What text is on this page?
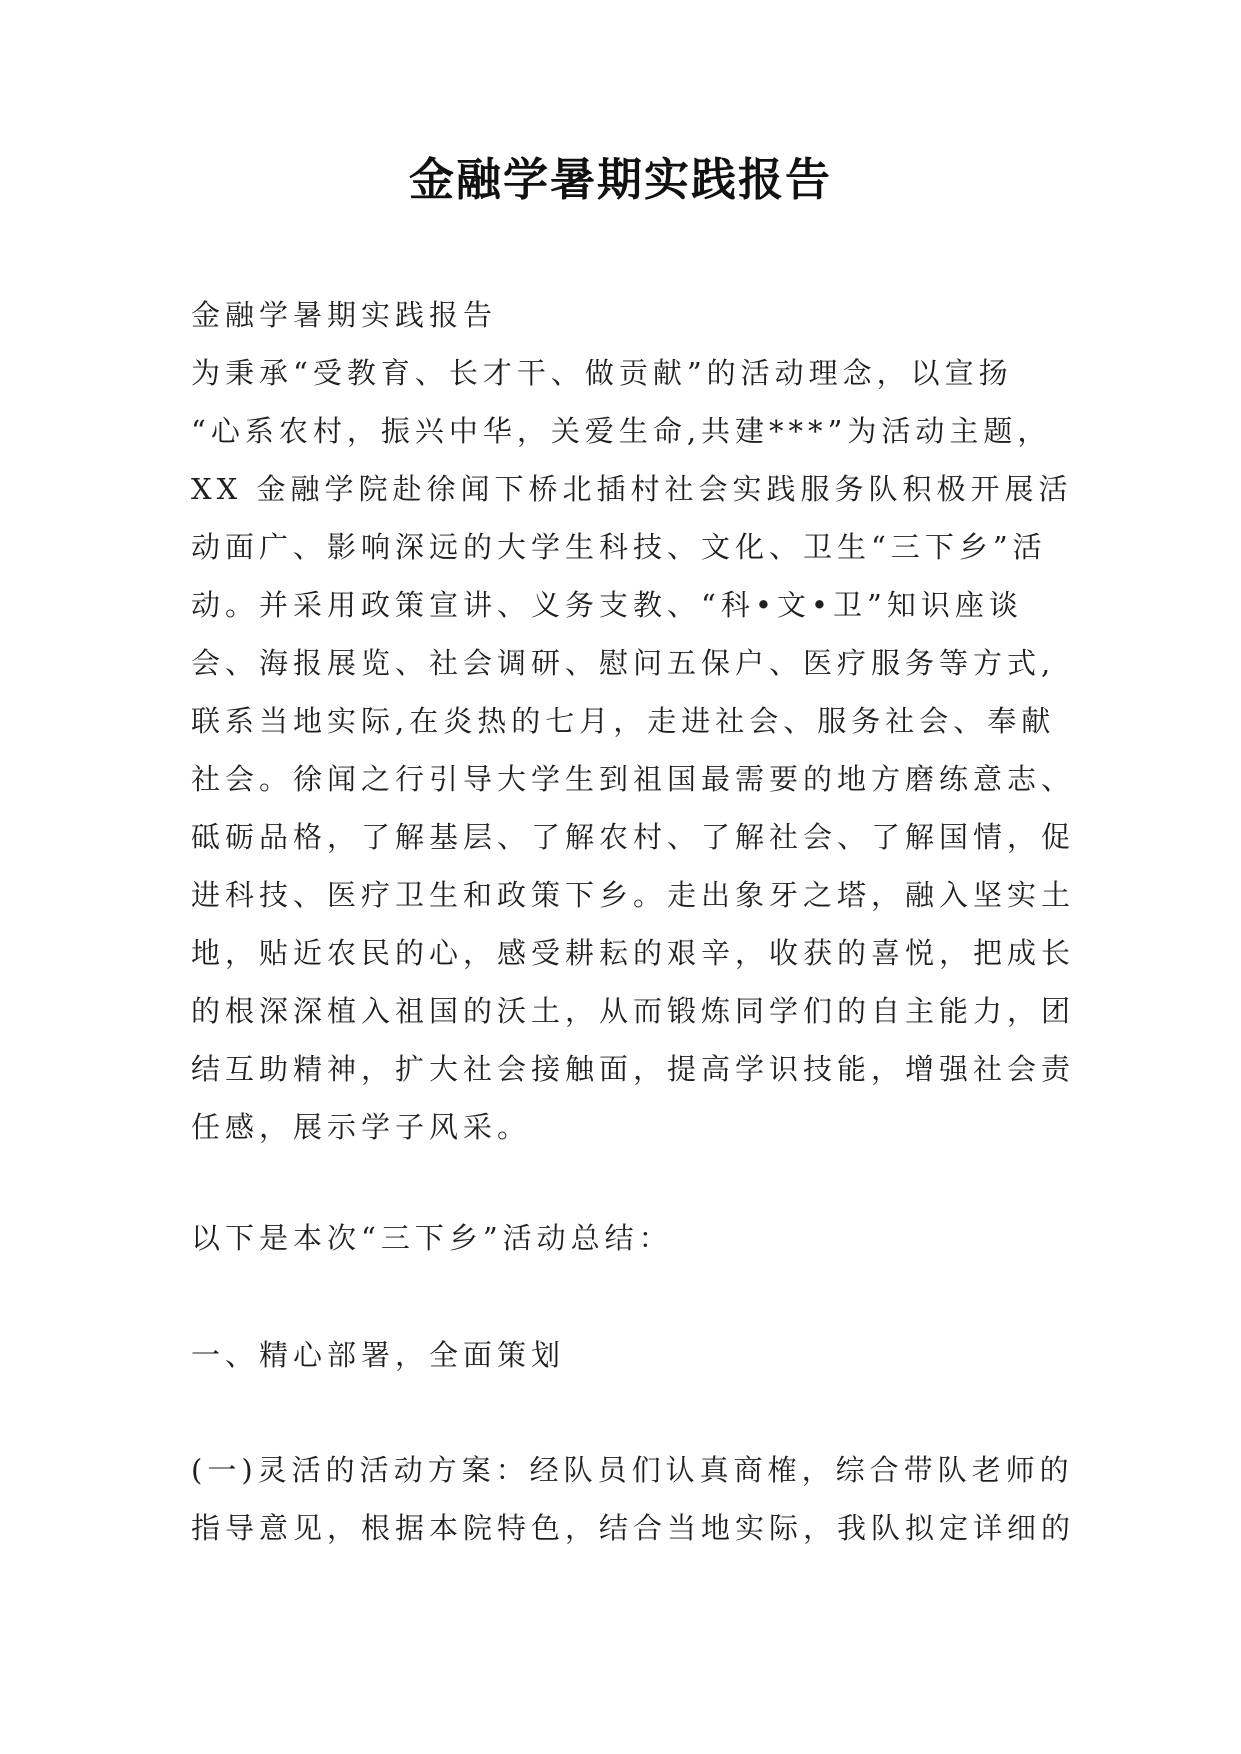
金融学暑期实践报告
金融学暑期实践报告
为秉承“受教育、长才干、做贡献”的活动理念，以宣扬
“心系农村，振兴中华，关爱生命,共建***”为活动主题，
XX 金融学院赴徐闻下桥北插村社会实践服务队积极开展活
动面广、影响深远的大学生科技、文化、卫生“三下乡”活
动。并采用政策宣讲、义务支教、“科•文•卫”知识座谈
会、海报展览、社会调研、慰问五保户、医疗服务等方式,
联系当地实际,在炎热的七月，走进社会、服务社会、奉献
社会。徐闻之行引导大学生到祖国最需要的地方磨练意志、
砥砺品格，了解基层、了解农村、了解社会、了解国情，促
进科技、医疗卫生和政策下乡。走出象牙之塔，融入坚实土
地，贴近农民的心，感受耕耘的艰辛，收获的喜悦，把成长
的根深深植入祖国的沃土，从而锻炼同学们的自主能力，团
结互助精神，扩大社会接触面，提高学识技能，增强社会责
任感，展示学子风采。
以下是本次“三下乡”活动总结：
一、精心部署，全面策划
(一)灵活的活动方案：经队员们认真商榷，综合带队老师的
指导意见，根据本院特色，结合当地实际，我队拟定详细的
